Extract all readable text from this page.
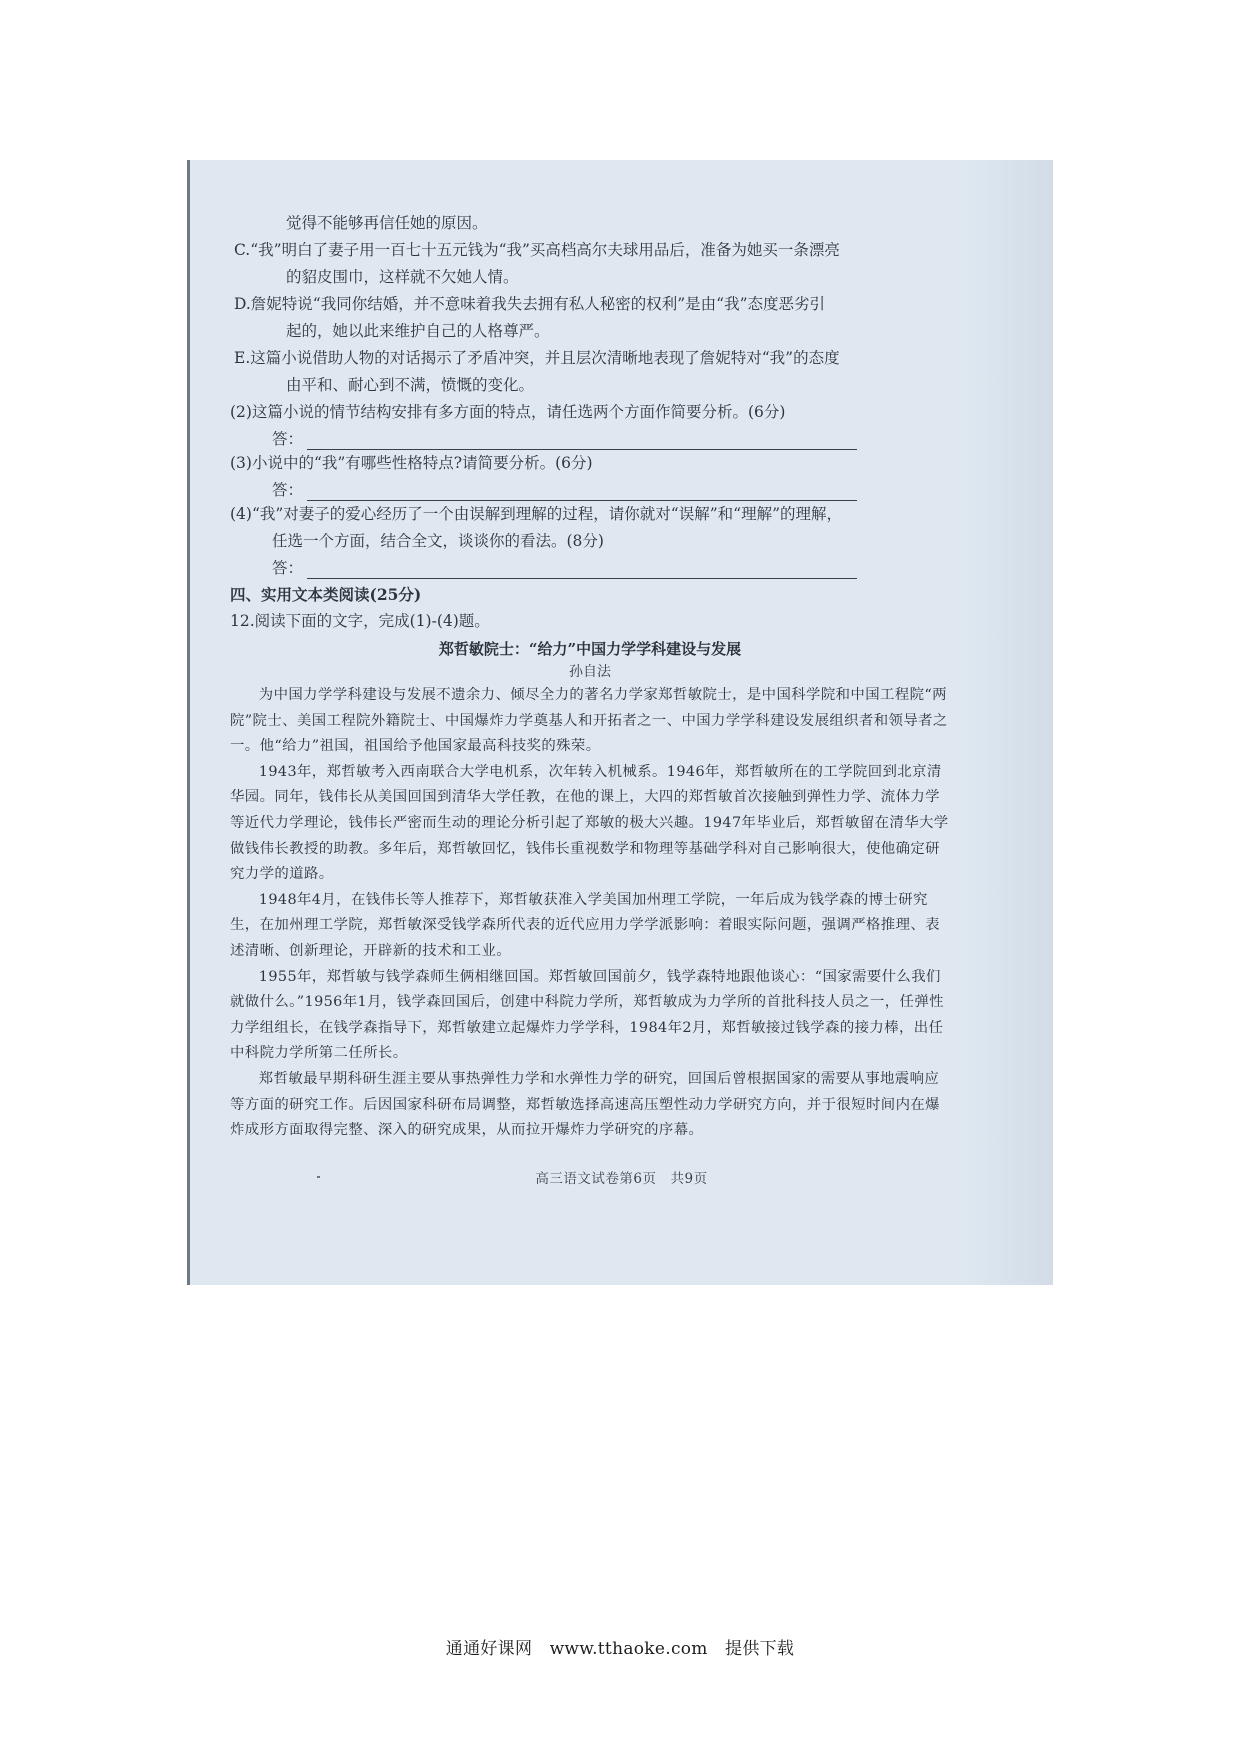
觉得不能够再信任她的原因。
C.“我”明白了妻子用一百七十五元钱为“我”买高档高尔夫球用品后，准备为她买一条漂亮
的貂皮围巾，这样就不欠她人情。
D.詹妮特说“我同你结婚，并不意味着我失去拥有私人秘密的权利”是由“我”态度恶劣引
起的，她以此来维护自己的人格尊严。
E.这篇小说借助人物的对话揭示了矛盾冲突，并且层次清晰地表现了詹妮特对“我”的态度
由平和、耐心到不满，愤慨的变化。
(2)这篇小说的情节结构安排有多方面的特点，请任选两个方面作简要分析。(6分)
答：
(3)小说中的“我”有哪些性格特点?请简要分析。(6分)
答：
(4)“我”对妻子的爱心经历了一个由误解到理解的过程，请你就对“误解”和“理解”的理解，
任选一个方面，结合全文，谈谈你的看法。(8分)
答：
四、实用文本类阅读(25分)
12.阅读下面的文字，完成(1)-(4)题。
郑哲敏院士：“给力”中国力学学科建设与发展
孙自法

为中国力学学科建设与发展不遗余力、倾尽全力的著名力学家郑哲敏院士，是中国科学院和中国工程院“两院”院士、美国工程院外籍院士、中国爆炸力学奠基人和开拓者之一、中国力学学科建设发展组织者和领导者之一。他“给力”祖国，祖国给予他国家最高科技奖的殊荣。

1943年，郑哲敏考入西南联合大学电机系，次年转入机械系。1946年，郑哲敏所在的工学院回到北京清华园。同年，钱伟长从美国回国到清华大学任教，在他的课上，大四的郑哲敏首次接触到弹性力学、流体力学等近代力学理论，钱伟长严密而生动的理论分析引起了郑敏的极大兴趣。1947年毕业后，郑哲敏留在清华大学做钱伟长教授的助教。多年后，郑哲敏回忆，钱伟长重视数学和物理等基础学科对自己影响很大，使他确定研究力学的道路。

1948年4月，在钱伟长等人推荐下，郑哲敏获准入学美国加州理工学院，一年后成为钱学森的博士研究生，在加州理工学院，郑哲敏深受钱学森所代表的近代应用力学学派影响：着眼实际问题，强调严格推理、表述清晰、创新理论，开辟新的技术和工业。

1955年，郑哲敏与钱学森师生俩相继回国。郑哲敏回国前夕，钱学森特地跟他谈心：“国家需要什么我们就做什么。”1956年1月，钱学森回国后，创建中科院力学所，郑哲敏成为力学所的首批科技人员之一，任弹性力学组组长，在钱学森指导下，郑哲敏建立起爆炸力学学科，1984年2月，郑哲敏接过钱学森的接力棒，出任中科院力学所第二任所长。

郑哲敏最早期科研生涯主要从事热弹性力学和水弹性力学的研究，回国后曾根据国家的需要从事地震响应等方面的研究工作。后因国家科研布局调整，郑哲敏选择高速高压塑性动力学研究方向，并于很短时间内在爆炸成形方面取得完整、深入的研究成果，从而拉开爆炸力学研究的序幕。

高三语文试卷第6页　共9页
通通好课网　www.tthaoke.com　提供下载
